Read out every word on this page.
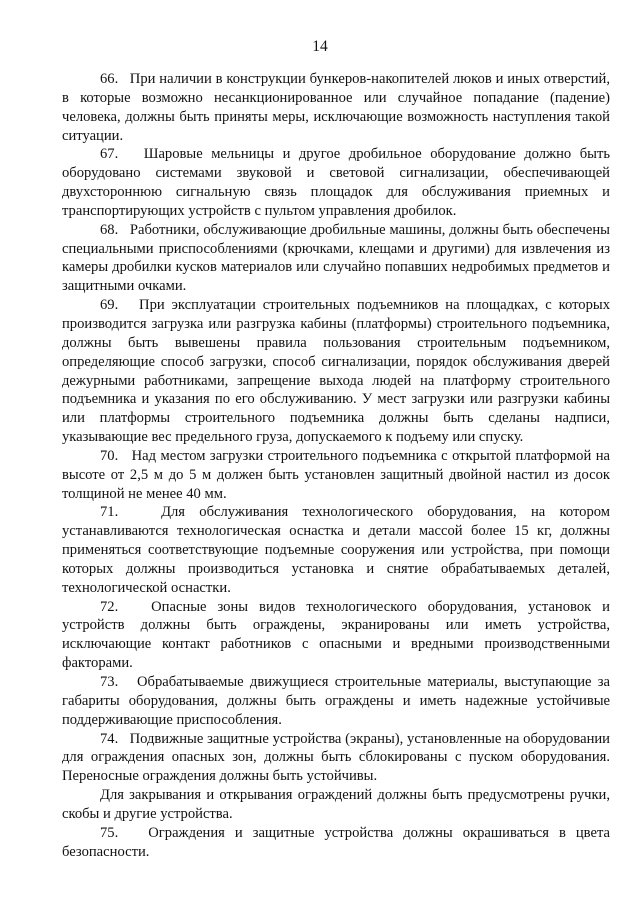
14

66.   При наличии в конструкции бункеров-накопителей люков и иных отверстий, в которые возможно несанкционированное или случайное попадание (падение) человека, должны быть приняты меры, исключающие возможность наступления такой ситуации.

67.   Шаровые мельницы и другое дробильное оборудование должно быть оборудовано системами звуковой и световой сигнализации, обеспечивающей двухстороннюю сигнальную связь площадок для обслуживания приемных и транспортирующих устройств с пультом управления дробилок.

68.   Работники, обслуживающие дробильные машины, должны быть обеспечены специальными приспособлениями (крючками, клещами и другими) для извлечения из камеры дробилки кусков материалов или случайно попавших недробимых предметов и защитными очками.

69.   При эксплуатации строительных подъемников на площадках, с которых производится загрузка или разгрузка кабины (платформы) строительного подъемника, должны быть вывешены правила пользования строительным подъемником, определяющие способ загрузки, способ сигнализации, порядок обслуживания дверей дежурными работниками, запрещение выхода людей на платформу строительного подъемника и указания по его обслуживанию. У мест загрузки или разгрузки кабины или платформы строительного подъемника должны быть сделаны надписи, указывающие вес предельного груза, допускаемого к подъему или спуску.

70.   Над местом загрузки строительного подъемника с открытой платформой на высоте от 2,5 м до 5 м должен быть установлен защитный двойной настил из досок толщиной не менее 40 мм.

71.   Для обслуживания технологического оборудования, на котором устанавливаются технологическая оснастка и детали массой более 15 кг, должны применяться соответствующие подъемные сооружения или устройства, при помощи которых должны производиться установка и снятие обрабатываемых деталей, технологической оснастки.

72.   Опасные зоны видов технологического оборудования, установок и устройств должны быть ограждены, экранированы или иметь устройства, исключающие контакт работников с опасными и вредными производственными факторами.

73.   Обрабатываемые движущиеся строительные материалы, выступающие за габариты оборудования, должны быть ограждены и иметь надежные устойчивые поддерживающие приспособления.

74.   Подвижные защитные устройства (экраны), установленные на оборудовании для ограждения опасных зон, должны быть сблокированы с пуском оборудования. Переносные ограждения должны быть устойчивы.

Для закрывания и открывания ограждений должны быть предусмотрены ручки, скобы и другие устройства.

75.   Ограждения и защитные устройства должны окрашиваться в цвета безопасности.
